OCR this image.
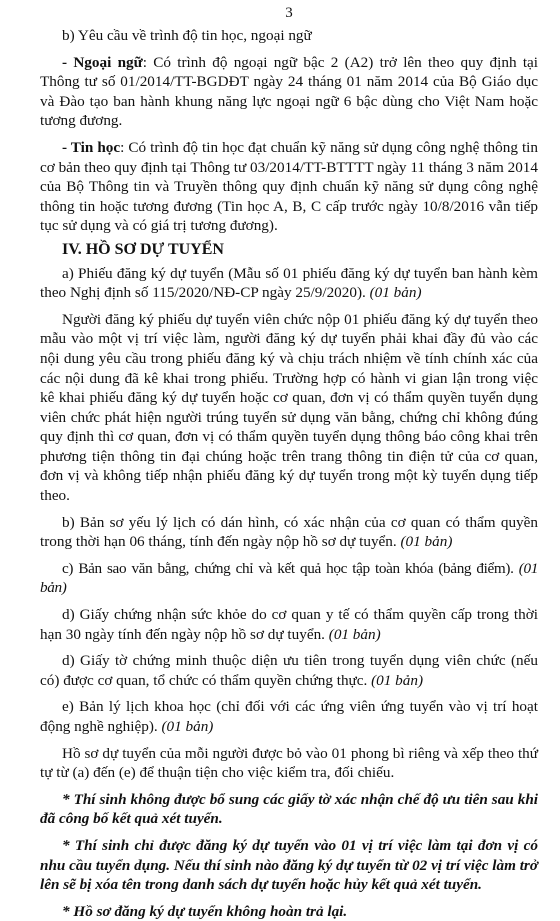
3

b) Yêu cầu về trình độ tin học, ngoại ngữ

- Ngoại ngữ: Có trình độ ngoại ngữ bậc 2 (A2) trở lên theo quy định tại Thông tư số 01/2014/TT-BGDĐT ngày 24 tháng 01 năm 2014 của Bộ Giáo dục và Đào tạo ban hành khung năng lực ngoại ngữ 6 bậc dùng cho Việt Nam hoặc tương đương.

- Tin học: Có trình độ tin học đạt chuẩn kỹ năng sử dụng công nghệ thông tin cơ bản theo quy định tại Thông tư 03/2014/TT-BTTTT ngày 11 tháng 3 năm 2014 của Bộ Thông tin và Truyền thông quy định chuẩn kỹ năng sử dụng công nghệ thông tin hoặc tương đương (Tin học A, B, C cấp trước ngày 10/8/2016 vẫn tiếp tục sử dụng và có giá trị tương đương).

IV. HỒ SƠ DỰ TUYỂN

a) Phiếu đăng ký dự tuyển (Mẫu số 01 phiếu đăng ký dự tuyển ban hành kèm theo Nghị định số 115/2020/NĐ-CP ngày 25/9/2020). (01 bản)

Người đăng ký phiếu dự tuyển viên chức nộp 01 phiếu đăng ký dự tuyển theo mẫu vào một vị trí việc làm, người đăng ký dự tuyển phải khai đầy đủ vào các nội dung yêu cầu trong phiếu đăng ký và chịu trách nhiệm về tính chính xác của các nội dung đã kê khai trong phiếu. Trường hợp có hành vi gian lận trong việc kê khai phiếu đăng ký dự tuyển hoặc cơ quan, đơn vị có thẩm quyền tuyển dụng viên chức phát hiện người trúng tuyển sử dụng văn bằng, chứng chỉ không đúng quy định thì cơ quan, đơn vị có thẩm quyền tuyển dụng thông báo công khai trên phương tiện thông tin đại chúng hoặc trên trang thông tin điện tử của cơ quan, đơn vị và không tiếp nhận phiếu đăng ký dự tuyển trong một kỳ tuyển dụng tiếp theo.

b) Bản sơ yếu lý lịch có dán hình, có xác nhận của cơ quan có thẩm quyền trong thời hạn 06 tháng, tính đến ngày nộp hồ sơ dự tuyển. (01 bản)

c) Bản sao văn bằng, chứng chỉ và kết quả học tập toàn khóa (bảng điểm). (01 bản)

d) Giấy chứng nhận sức khỏe do cơ quan y tế có thẩm quyền cấp trong thời hạn 30 ngày tính đến ngày nộp hồ sơ dự tuyển. (01 bản)

d) Giấy tờ chứng minh thuộc diện ưu tiên trong tuyển dụng viên chức (nếu có) được cơ quan, tổ chức có thẩm quyền chứng thực. (01 bản)

e) Bản lý lịch khoa học (chỉ đối với các ứng viên ứng tuyển vào vị trí hoạt động nghề nghiệp). (01 bản)

Hồ sơ dự tuyển của mỗi người được bỏ vào 01 phong bì riêng và xếp theo thứ tự từ (a) đến (e) để thuận tiện cho việc kiểm tra, đối chiếu.

* Thí sinh không được bổ sung các giấy tờ xác nhận chế độ ưu tiên sau khi đã công bố kết quả xét tuyển.

* Thí sinh chỉ được đăng ký dự tuyển vào 01 vị trí việc làm tại đơn vị có nhu cầu tuyển dụng. Nếu thí sinh nào đăng ký dự tuyển từ 02 vị trí việc làm trở lên sẽ bị xóa tên trong danh sách dự tuyển hoặc hủy kết quả xét tuyển.

* Hồ sơ đăng ký dự tuyển không hoàn trả lại.
